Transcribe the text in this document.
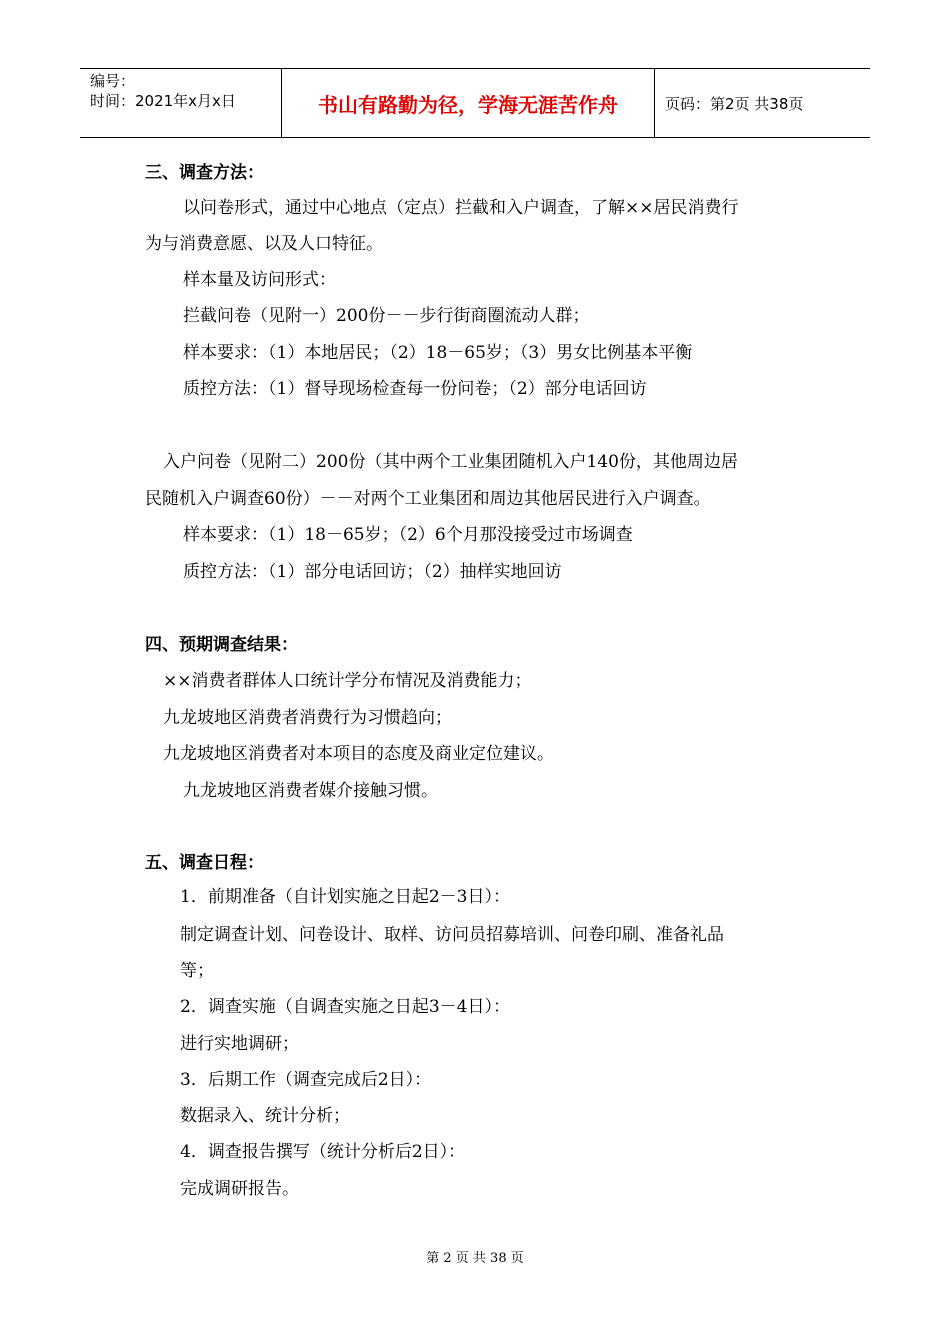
编号：
时间：2021年x月x日	书山有路勤为径，学海无涯苦作舟	页码：第2页 共38页
三、调查方法：
以问卷形式，通过中心地点（定点）拦截和入户调查，了解××居民消费行
为与消费意愿、以及人口特征。
样本量及访问形式：
拦截问卷（见附一）200份－－步行街商圈流动人群；
样本要求：（1）本地居民；（2）18－65岁；（3）男女比例基本平衡
质控方法：（1）督导现场检查每一份问卷；（2）部分电话回访
入户问卷（见附二）200份（其中两个工业集团随机入户140份，其他周边居
民随机入户调查60份）－－对两个工业集团和周边其他居民进行入户调查。
样本要求：（1）18－65岁；（2）6个月那没接受过市场调查
质控方法：（1）部分电话回访；（2）抽样实地回访
四、预期调查结果：
××消费者群体人口统计学分布情况及消费能力；
九龙坡地区消费者消费行为习惯趋向；
九龙坡地区消费者对本项目的态度及商业定位建议。
九龙坡地区消费者媒介接触习惯。
五、调查日程：
1．前期准备（自计划实施之日起2－3日）：
制定调查计划、问卷设计、取样、访问员招募培训、问卷印刷、准备礼品
等；
2．调查实施（自调查实施之日起3－4日）：
进行实地调研；
3．后期工作（调查完成后2日）：
数据录入、统计分析；
4．调查报告撰写（统计分析后2日）：
完成调研报告。
第 2 页 共 38 页
